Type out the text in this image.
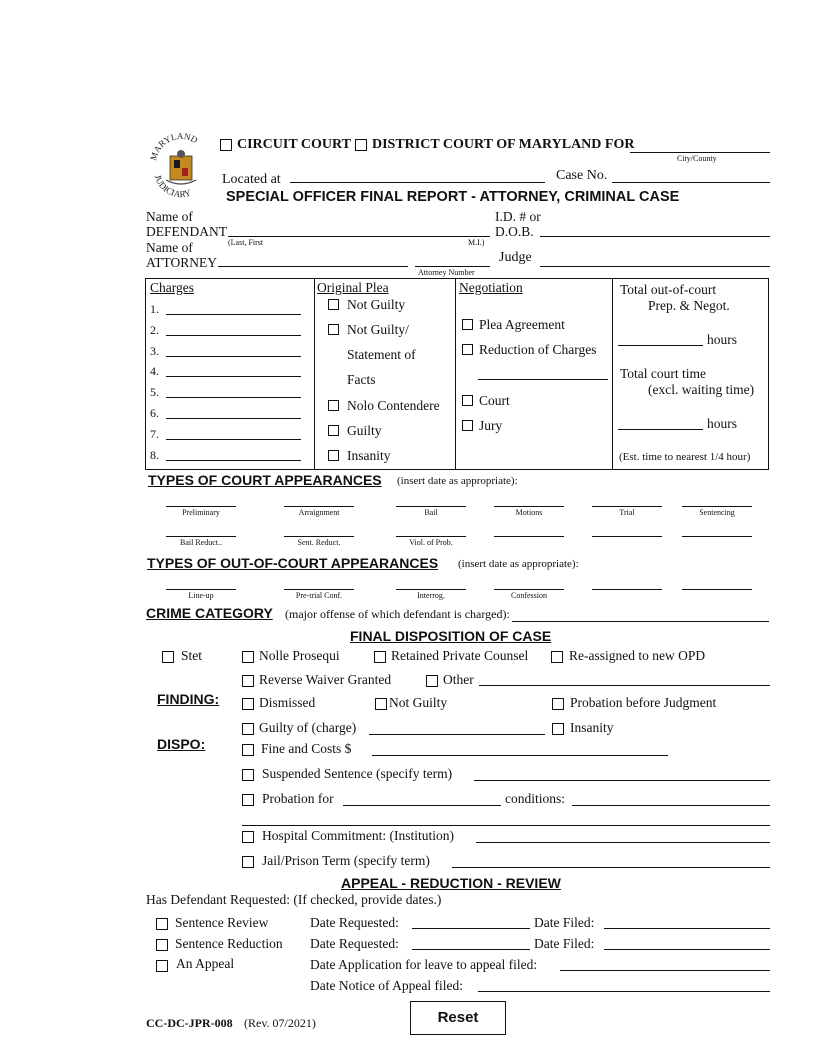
MARYLAND
JUDICIARY
CIRCUIT COURT DISTRICT COURT OF MARYLAND FOR
City/County
Located at	Case No.
SPECIAL OFFICER FINAL REPORT - ATTORNEY, CRIMINAL CASE
Name of
DEFENDANT
(Last, First	M.I.)
I.D. # or
D.O.B.
Name of
ATTORNEY
Attorney Number
Judge
Charges
1.
2.
3.
4.
5.
6.
7.
8.
Original Plea
Not Guilty
Not Guilty/
Statement of
Facts
Nolo Contendere
Guilty
Insanity
Negotiation
Plea Agreement
Reduction of Charges
Court
Jury
Total out-of-court
Prep. & Negot.
hours
Total court time
(excl. waiting time)
hours
(Est. time to nearest 1/4 hour)
TYPES OF COURT APPEARANCES (insert date as appropriate):
Preliminary	Arraignment	Bail	Motions	Trial	Sentencing
Bail Reduct..	Sent. Reduct.	Viol. of Prob.
TYPES OF OUT-OF-COURT APPEARANCES (insert date as appropriate):
Line-up	Pre-trial Conf.	Interrog.	Confession
CRIME CATEGORY (major offense of which defendant is charged):
FINAL DISPOSITION OF CASE
Stet	Nolle Prosequi	Retained Private Counsel	Re-assigned to new OPD
Reverse Waiver Granted	Other
FINDING:	Dismissed	Not Guilty	Probation before Judgment
Guilty of (charge)	Insanity
DISPO:	Fine and Costs $
Suspended Sentence (specify term)
Probation for	conditions:
Hospital Commitment: (Institution)
Jail/Prison Term (specify term)
APPEAL - REDUCTION - REVIEW
Has Defendant Requested: (If checked, provide dates.)
Sentence Review	Date Requested:	Date Filed:
Sentence Reduction Date Requested:	Date Filed:
An Appeal	Date Application for leave to appeal filed:
Date Notice of Appeal filed:
CC-DC-JPR-008 (Rev. 07/2021)	Reset
